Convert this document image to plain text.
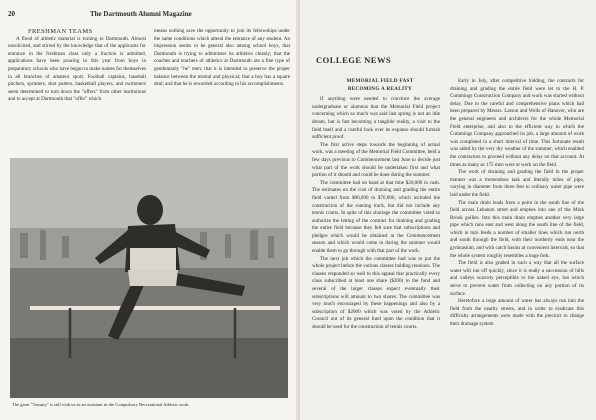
20	The Dartmouth Alumni Magazine

FRESHMAN TEAMS

A flood of athletic material is turning to Dartmouth. Almost unsolicited, and stirred by the knowledge that of the applicants for entrance in the freshman class only a fraction is admitted, applications have been pouring in this year from boys in preparatory schools who have begun to make names for themselves in all branches of amateur sport. Football captains, baseball pitchers, sprinters, shot putters, basketball players, and swimmers seem determined to turn down the "offers" from other institutions and to accept at Dartmouth that "offer" which

means nothing save the opportunity to join its fellowships under the same conditions which attend the entrance of any student. An impression seems to be general also among school boys, that Dartmouth is trying to administer its athletics cleanly; that the coaches and teachers of athletics at Dartmouth are a fine type of gentlemanly "he" men; that it is intended to preserve the proper balance between the mental and physical; that a boy has a square deal; and that he is rewarded according to his accomplishments.

The great "Tommy" is still with us as an assistant in the Compulsory Recreational Athletic work
COLLEGE NEWS

MEMORIAL FIELD FAST

BECOMING A REALITY

If anything were needed to convince the average undergraduate or alumnus that the Memorial Field project concerning which so much was said last spring is not an idle dream, but is fast becoming a tangible reality, a visit to the field itself and a careful look over its expanse should furnish sufficient proof.

The first active steps towards the beginning of actual work, was a meeting of the Memorial Field Committee, held a few days previous to Commencement last June to decide just what part of the work should be undertaken first and what portion of it should and could be done during the summer.

The committee had on hand at that time $20,000 in cash. The estimates on the cost of draining and grading the entire field varied from $80,000 to $70,000, which included the construction of the running track, but did not include any tennis courts. In spite of this shortage the committee voted to authorize the letting of the contract for draining and grading the entire field because they felt sure that subscriptions and pledges which would be obtained at the Commencement season and which would come in during the summer would enable them to go through with that part of the work.

The next job which the committee had was to put the whole project before the various classes holding reunions. The classes responded so well to this appeal that practically every class subscribed at least one share ($200) to the fund and several of the larger classes expect eventually their subscriptions will amount to two shares. The committee was very much encouraged by these happenings and also by a subscription of $2000 which was voted by the Athletic Council out of its general fund upon the condition that it should be used for the construction of tennis courts.

Early in July, after competitive bidding, the contracts for draining and grading the entire field were let to the H. P. Cummings Construction Company and work was started without delay. Due to the careful and comprehensive plans which had been prepared by Messrs. Larson and Wells of Hanover, who are the general engineers and architects for the whole Memorial Field enterprise, and also to the efficient way in which the Cummings Company approached its job, a large amount of work was completed in a short interval of time. This fortunate result was aided by the very dry weather of the summer, which enabled the contractors to proceed without any delay on that account. At times as many as 175 men were at work on the field.

The work of draining and grading the field in the proper manner was a tremendous task and literally miles of pipe, varying in diameter from three feet to ordinary water pipe were laid under the field.

The main drain leads from a point in the south line of the field across Lebanon street and empties into one of the Mink Brook gullies. Into this main drain empties another very large pipe which runs east and west along the south line of the field, which in turn feeds a number of smaller lines which run north and south through the field, with their northerly ends near the gymnasium, and with catch basins at convenient intervals, so that the whole system roughly resembles a huge fork.

The field is also graded in such a way that all the surface water will run off quickly, since it is really a succession of hills and valleys scarcely perceptible to the naked eye, but which serve to prevent water from collecting on any portion of its surface.

Heretofore a large amount of water has always run into the field from the nearby streets, and in order to eradicate this difficulty arrangements were made with the precinct to change their drainage system
